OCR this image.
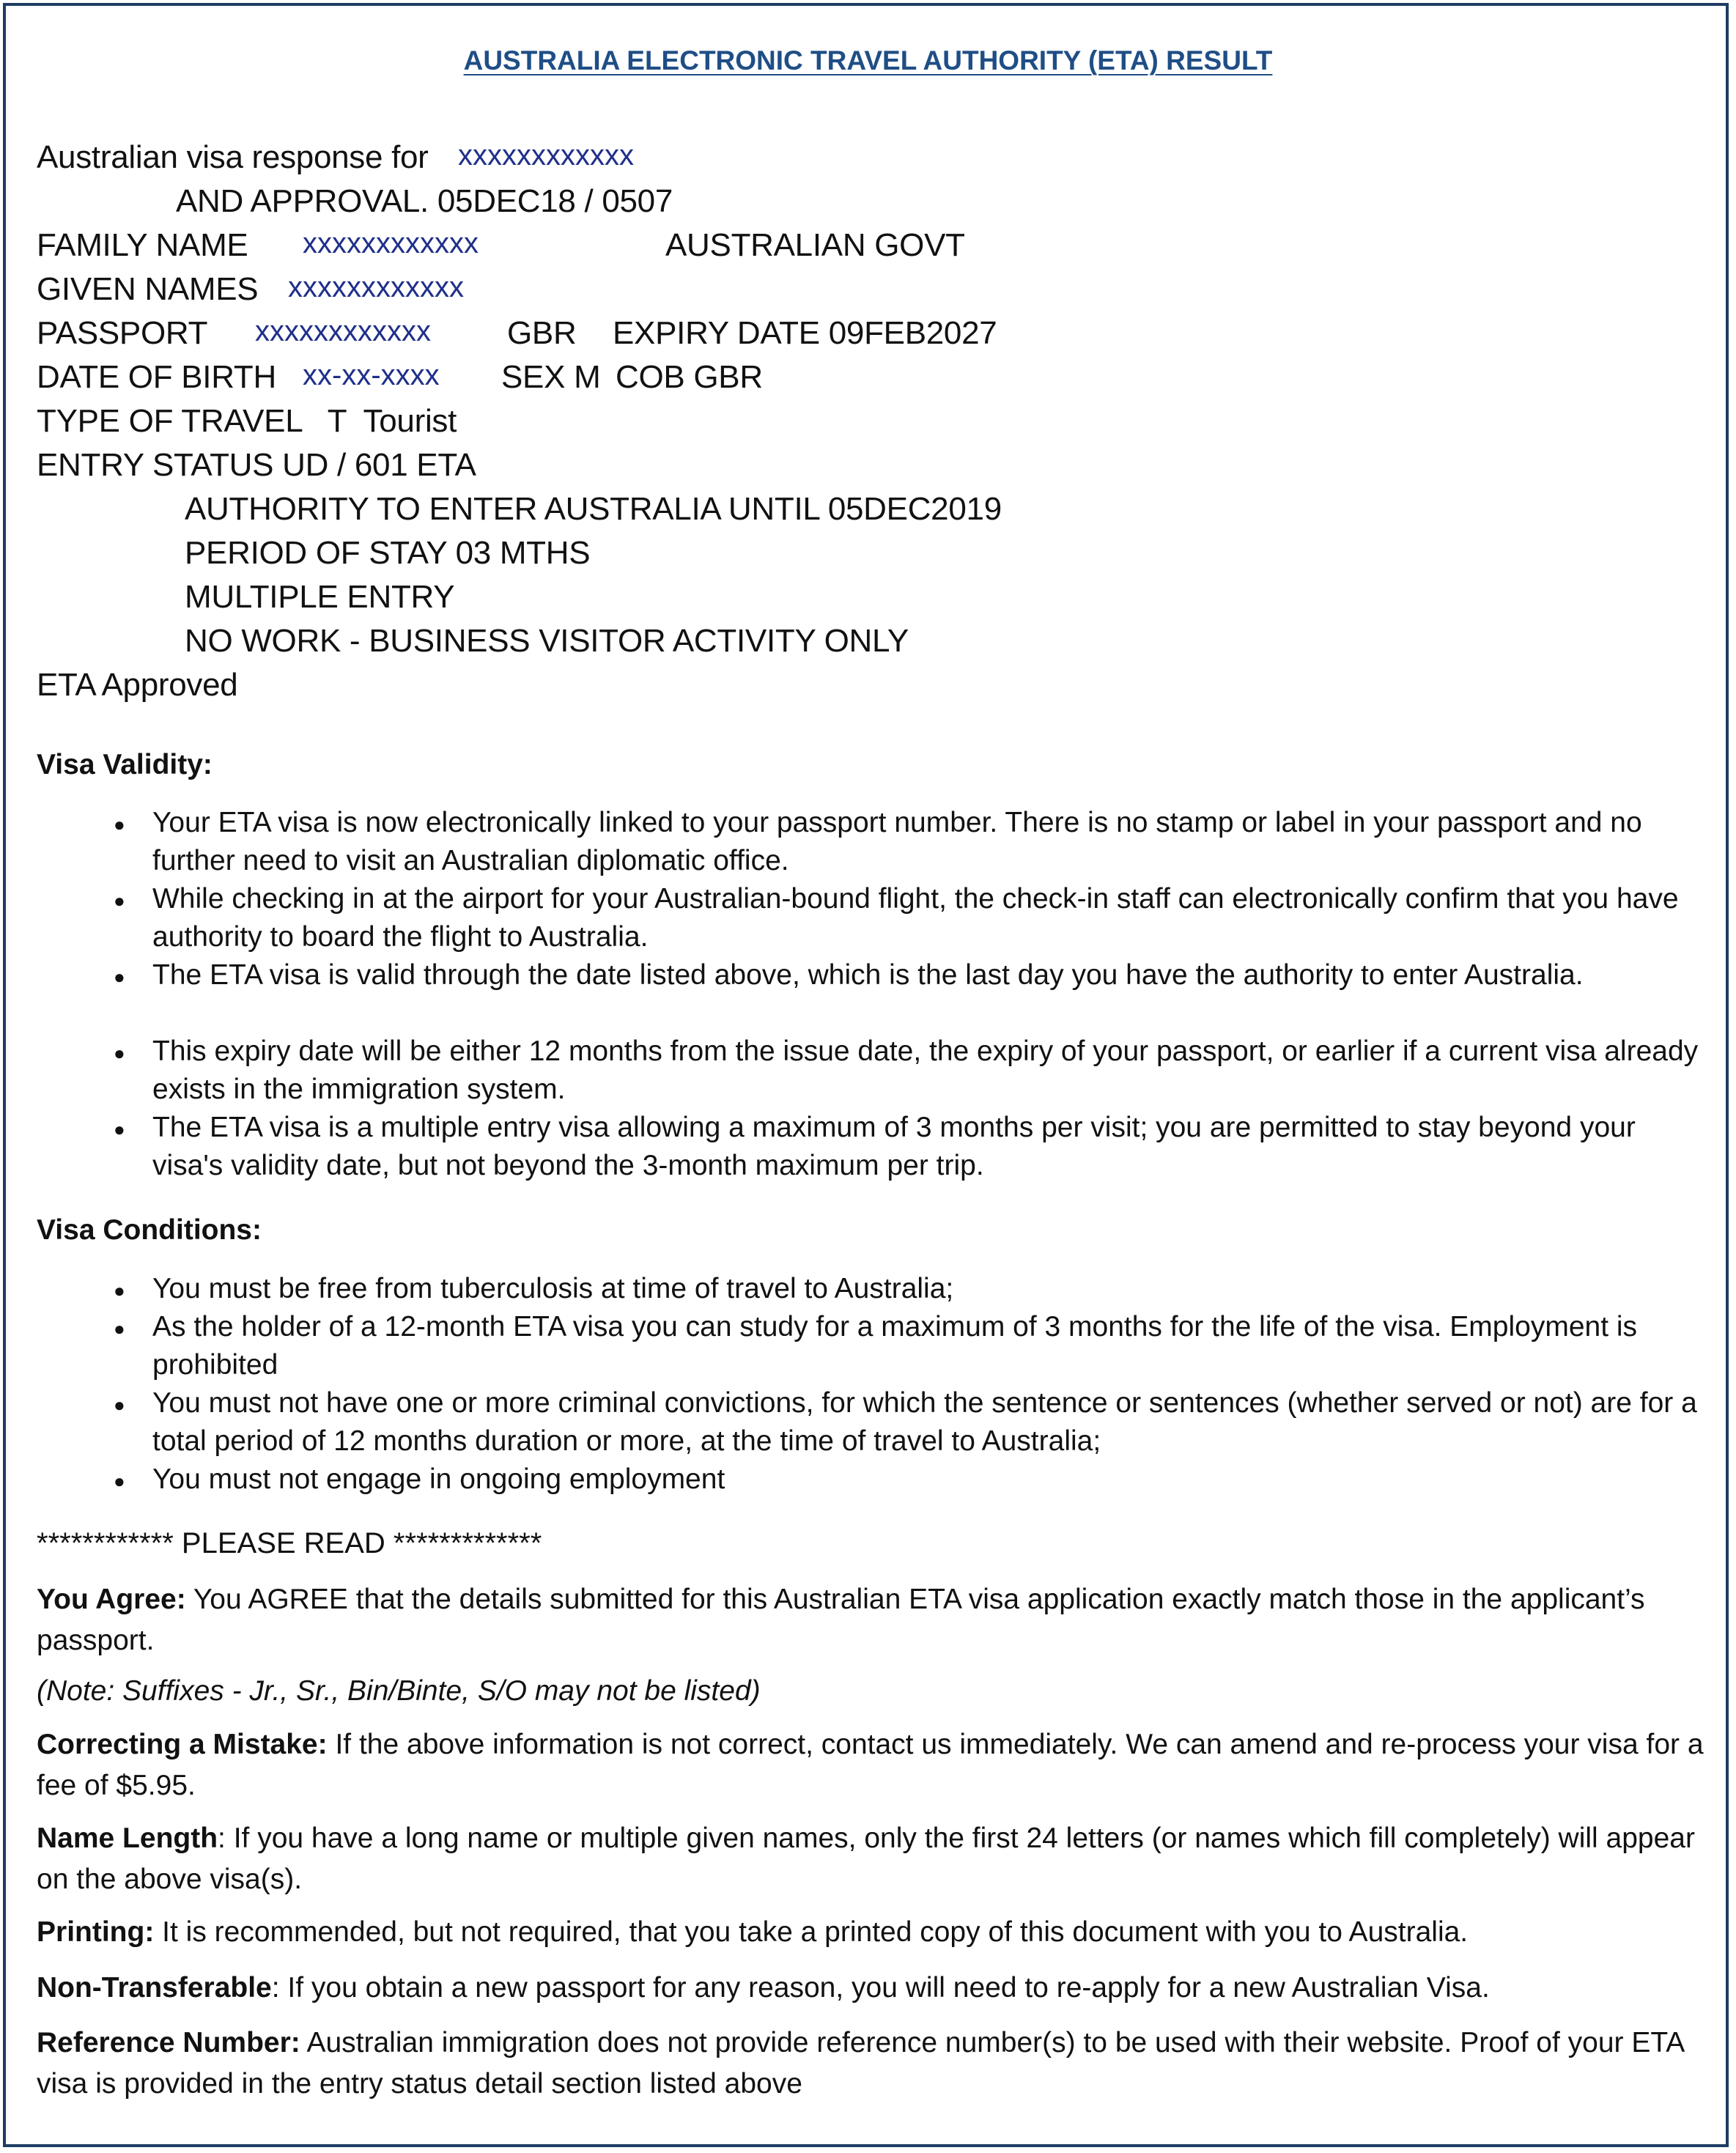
AUSTRALIA ELECTRONIC TRAVEL AUTHORITY (ETA) RESULT
Australian visa response for xxxxxxxxxxxx
AND APPROVAL. 05DEC18 / 0507
FAMILY NAME xxxxxxxxxxxx	AUSTRALIAN GOVT
GIVEN NAMES xxxxxxxxxxxx
PASSPORT xxxxxxxxxxxx GBR EXPIRY DATE 09FEB2027
DATE OF BIRTH xx-xx-xxxx SEX M COB GBR
TYPE OF TRAVEL   T  Tourist
ENTRY STATUS UD / 601 ETA
AUTHORITY TO ENTER AUSTRALIA UNTIL 05DEC2019
PERIOD OF STAY 03 MTHS
MULTIPLE ENTRY
NO WORK - BUSINESS VISITOR ACTIVITY ONLY
ETA Approved
Visa Validity:
● Your ETA visa is now electronically linked to your passport number. There is no stamp or label in your passport and no further need to visit an Australian diplomatic office.
● While checking in at the airport for your Australian-bound flight, the check-in staff can electronically confirm that you have authority to board the flight to Australia.
● The ETA visa is valid through the date listed above, which is the last day you have the authority to enter Australia.
● This expiry date will be either 12 months from the issue date, the expiry of your passport, or earlier if a current visa already exists in the immigration system.
● The ETA visa is a multiple entry visa allowing a maximum of 3 months per visit; you are permitted to stay beyond your visa's validity date, but not beyond the 3-month maximum per trip.
Visa Conditions:
● You must be free from tuberculosis at time of travel to Australia;
● As the holder of a 12-month ETA visa you can study for a maximum of 3 months for the life of the visa. Employment is prohibited
● You must not have one or more criminal convictions, for which the sentence or sentences (whether served or not) are for a total period of 12 months duration or more, at the time of travel to Australia;
● You must not engage in ongoing employment
************ PLEASE READ *************
You Agree: You AGREE that the details submitted for this Australian ETA visa application exactly match those in the applicant’s passport.
(Note: Suffixes - Jr., Sr., Bin/Binte, S/O may not be listed)
Correcting a Mistake: If the above information is not correct, contact us immediately. We can amend and re-process your visa for a fee of $5.95.
Name Length: If you have a long name or multiple given names, only the first 24 letters (or names which fill completely) will appear on the above visa(s).
Printing: It is recommended, but not required, that you take a printed copy of this document with you to Australia.
Non-Transferable: If you obtain a new passport for any reason, you will need to re-apply for a new Australian Visa.
Reference Number: Australian immigration does not provide reference number(s) to be used with their website. Proof of your ETA visa is provided in the entry status detail section listed above
